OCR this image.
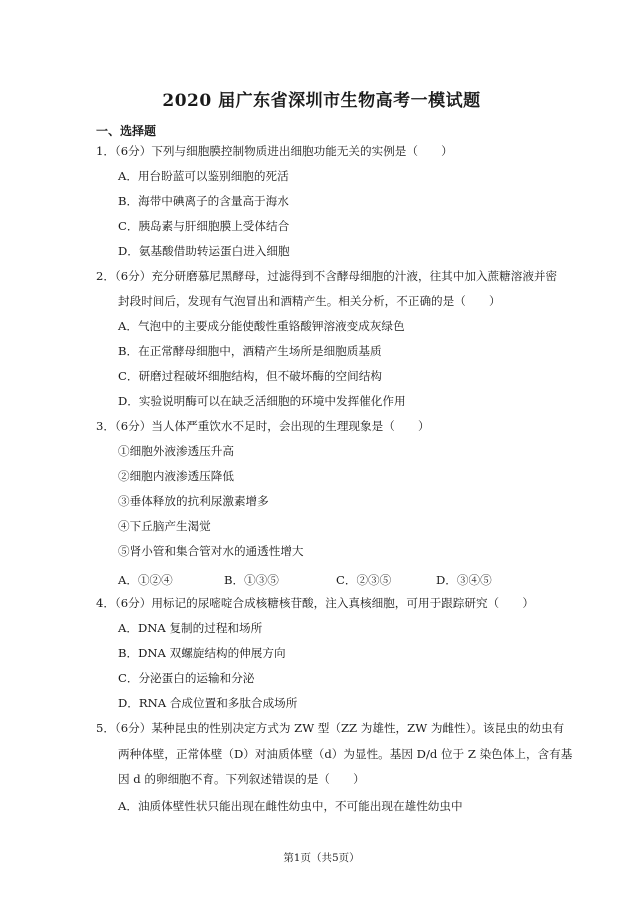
2020 届广东省深圳市生物高考一模试题
一、选择题
1．（6分）下列与细胞膜控制物质进出细胞功能无关的实例是（　　）
A．用台盼蓝可以鉴别细胞的死活
B．海带中碘离子的含量高于海水
C．胰岛素与肝细胞膜上受体结合
D．氨基酸借助转运蛋白进入细胞
2．（6分）充分研磨慕尼黑酵母，过滤得到不含酵母细胞的汁液，往其中加入蔗糖溶液并密
封段时间后，发现有气泡冒出和酒精产生。相关分析，不正确的是（　　）
A．气泡中的主要成分能使酸性重铬酸钾溶液变成灰绿色
B．在正常酵母细胞中，酒精产生场所是细胞质基质
C．研磨过程破坏细胞结构，但不破坏酶的空间结构
D．实验说明酶可以在缺乏活细胞的环境中发挥催化作用
3．（6分）当人体严重饮水不足时，会出现的生理现象是（　　）
①细胞外液渗透压升高
②细胞内液渗透压降低
③垂体释放的抗利尿激素增多
④下丘脑产生渴觉
⑤肾小管和集合管对水的通透性增大
A．①②④	B．①③⑤	C．②③⑤	D．③④⑤
4．（6分）用标记的尿嘧啶合成核糖核苷酸，注入真核细胞，可用于跟踪研究（　　）
A．DNA 复制的过程和场所
B．DNA 双螺旋结构的伸展方向
C．分泌蛋白的运输和分泌
D．RNA 合成位置和多肽合成场所
5．（6分）某种昆虫的性别决定方式为 ZW 型（ZZ 为雄性，ZW 为雌性）。该昆虫的幼虫有
两种体壁，正常体壁（D）对油质体壁（d）为显性。基因 D/d 位于 Z 染色体上，含有基
因 d 的卵细胞不育。下列叙述错误的是（　　）
A．油质体壁性状只能出现在雌性幼虫中，不可能出现在雄性幼虫中
第1页（共5页）
